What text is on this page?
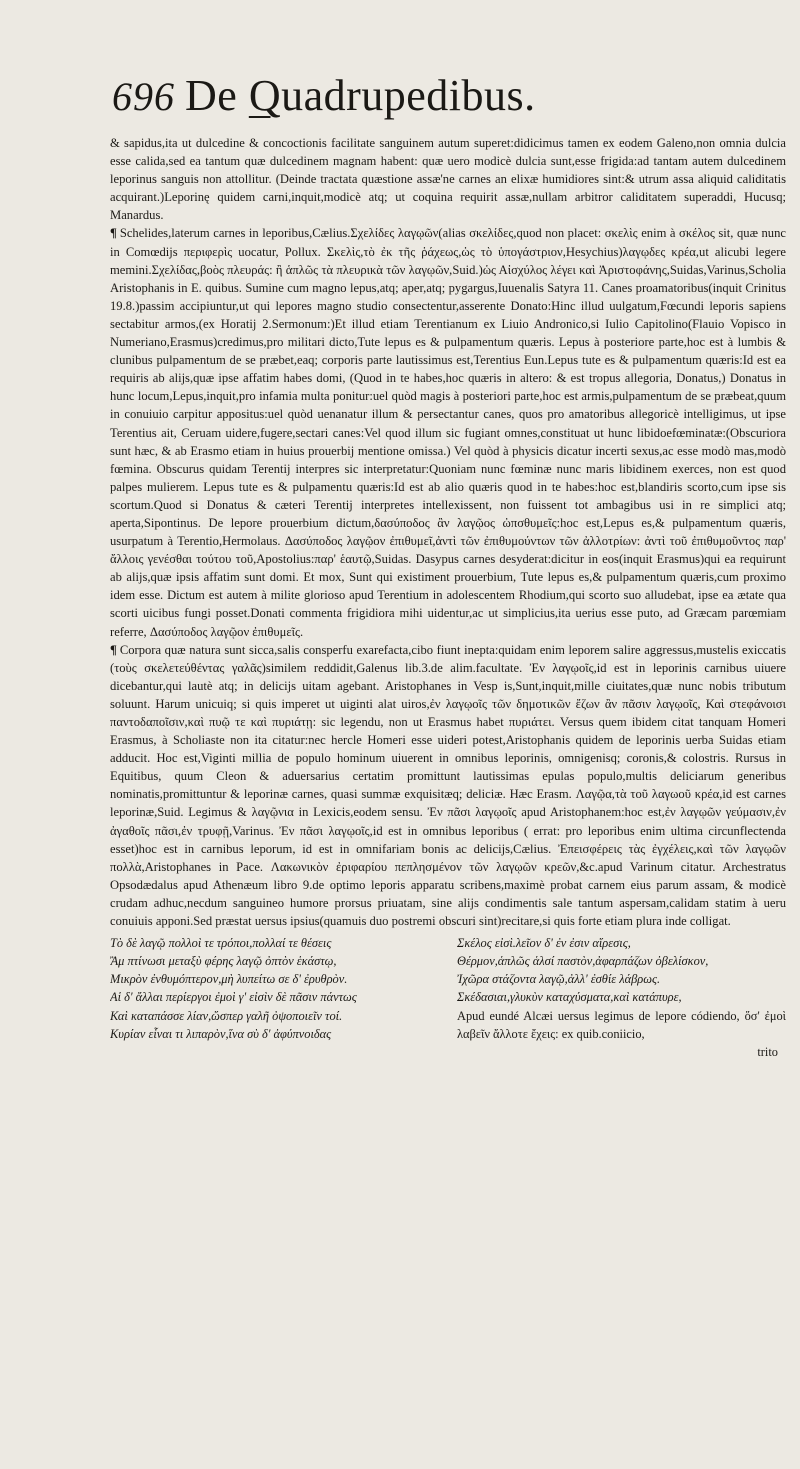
696 De Quadrupedibus.

& sapidus,ita ut dulcedine & concoctionis facilitate sanguinem autum superet:didicimus tamen ex eodem Galeno,non omnia dulcia esse calida,sed ea tantum quæ dulcedinem magnam habent: quæ uero modicè dulcia sunt,esse frigida:ad tantam autem dulcedinem leporinus sanguis non attollitur. (Deinde tractata quæstione assæ'ne carnes an elixæ humidiores sint:& utrum assa aliquid caliditatis acquirant.)Leporinę quidem carni,inquit,modicè atq; ut coquina requirit assæ,nullam arbitror caliditatem superaddi, Hucusq; Manardus.

¶ Schelides,laterum carnes in leporibus,Cælius.Σχελίδες λαγῳῶν(alias σκελίδες,quod non placet: σκελὶς enim à σκέλος sit, quæ nunc in Comœdijs περιφερὶς uocatur, Pollux. Σκελὶς,τὸ ἐκ τῆς ῥάχεως,ὡς τὸ ὑπογάστριον,Hesychius)λαγῳδες κρέα,ut alicubi legere memini.Σχελίδας,βοὸς πλευράς: ἢ ἁπλῶς τὰ πλευρικὰ τῶν λαγῳῶν,Suid.)ὡς Αἰσχύλος λέγει καὶ Ἀριστοφάνης,Suidas,Varinus,Scholia Aristophanis in E. quibus. Sumine cum magno lepus,atq; aper,atq; pygargus,Iuuenalis Satyra 11. Canes proamatoribus(inquit Crinitus 19.8.)passim accipiuntur,ut qui lepores magno studio consectentur,asserente Donato:Hinc illud uulgatum,Fœcundi leporis sapiens sectabitur armos,(ex Horatij 2.Sermonum:)Et illud etiam Terentianum ex Liuio Andronico,si Iulio Capitolino(Flauio Vopisco in Numeriano,Erasmus)credimus,pro militari dicto,Tute lepus es & pulpamentum quæris. Lepus à posteriore parte,hoc est à lumbis & clunibus pulpamentum de se præbet,eaq; corporis parte lautissimus est,Terentius Eun.Lepus tute es & pulpamentum quæris:Id est ea requiris ab alijs,quæ ipse affatim habes domi, (Quod in te habes,hoc quæris in altero: & est tropus allegoria, Donatus,) Donatus in hunc locum,Lepus,inquit,pro infamia multa ponitur:uel quòd magis à posteriori parte,hoc est armis,pulpamentum de se præbeat,quum in conuiuio carpitur appositus:uel quòd uenanatur illum & persectantur canes, quos pro amatoribus allegoricè intelligimus, ut ipse Terentius ait, Ceruam uidere,fugere,sectari canes:Vel quod illum sic fugiant omnes,constituat ut hunc libidoefœminatæ:(Obscuriora sunt hæc, & ab Erasmo etiam in huius prouerbij mentione omissa.) Vel quòd à physicis dicatur incerti sexus,ac esse modò mas,modò fœmina. Obscurus quidam Terentij interpres sic interpretatur:Quoniam nunc fœminæ nunc maris libidinem exerces, non est quod palpes mulierem. Lepus tute es & pulpamentu quæris:Id est ab alio quæris quod in te habes:hoc est,blandiris scorto,cum ipse sis scortum.Quod si Donatus & cæteri Terentij interpretes intellexissent, non fuissent tot ambagibus usi in re simplici atq; aperta,Sipontinus. De lepore prouerbium dictum,δασύποδος ἂν λαγῷος ὠπσθυμεῖς:hoc est,Lepus es,& pulpamentum quæris, usurpatum à Terentio,Hermolaus. Δασύποδος λαγῷον ἐπιθυμεῖ,ἀντὶ τῶν ἐπιθυμούντων τῶν ἀλλοτρίων: ἀντὶ τοῦ ἐπιθυμοῦντος παρ' ἄλλοις γενέσθαι τούτου τοῦ,Apostolius:παρ' ἑαυτῷ,Suidas. Dasypus carnes desyderat:dicitur in eos(inquit Erasmus)qui ea requirunt ab alijs,quæ ipsis affatim sunt domi. Et mox, Sunt qui existiment prouerbium, Tute lepus es,& pulpamentum quæris,cum proximo idem esse. Dictum est autem à milite glorioso apud Terentium in adolescentem Rhodium,qui scorto suo alludebat, ipse ea ætate qua scorti uicibus fungi posset.Donati commenta frigidiora mihi uidentur,ac ut simplicius,ita uerius esse puto, ad Græcam parœmiam referre, Δασύποδος λαγῷον ἐπιθυμεῖς.

¶ Corpora quæ natura sunt sicca,salis consperfu exarefacta,cibo fiunt inepta:quidam enim leporem salire aggressus,mustelis exiccatis (τοὺς σκελετεύθέντας γαλᾶς)similem reddidit,Galenus lib.3.de alim.facultate. Ἐν λαγῳοῖς,id est in leporinis carnibus uiuere dicebantur,qui lautè atq; in delicijs uitam agebant. Aristophanes in Vesp is,Sunt,inquit,mille ciuitates,quæ nunc nobis tributum soluunt. Harum unicuiq; si quis imperet ut uiginti alat uiros,ἐν λαγῳοῖς τῶν δημοτικῶν ἔζων ἂν πᾶσιν λαγῳοῖς, Καὶ στεφάνοισι παντοδαποῖσιν,καὶ πυῷ τε καὶ πυριάτῃ: sic legendu, non ut Erasmus habet πυριάτει. Versus quem ibidem citat tanquam Homeri Erasmus, à Scholiaste non ita citatur:nec hercle Homeri esse uideri potest,Aristophanis quidem de leporinis uerba Suidas etiam adducit. Hoc est,Viginti millia de populo hominum uiuerent in omnibus leporinis, omnigenisq; coronis,& colostris. Rursus in Equitibus, quum Cleon & aduersarius certatim promittunt lautissimas epulas populo,multis deliciarum generibus nominatis,promittuntur & leporinæ carnes, quasi summæ exquisitæq; deliciæ. Hæc Erasm. Λαγῷα,τὰ τοῦ λαγωοῦ κρέα,id est carnes leporinæ,Suid. Legimus & λαγῷνια in Lexicis,eodem sensu. Ἐν πᾶσι λαγῳοῖς apud Aristophanem:hoc est,ἐν λαγῳῶν γεύμασιν,ἐν ἀγαθοῖς πᾶσι,ἐν τρυφῇ,Varinus. Ἐν πᾶσι λαγῳοῖς,id est in omnibus leporibus ( errat: pro leporibus enim ultima circunflectenda esset)hoc est in carnibus leporum, id est in omnifariam bonis ac delicijs,Cælius. Ἐπεισφέρεις τὰς ἐγχέλεις,καὶ τῶν λαγῳῶν πολλὰ,Aristophanes in Pace. Λακωνικὸν ἐριφαρίου πεπλησμένον τῶν λαγῳῶν κρεῶν,&c.apud Varinum citatur. Archestratus Opsodædalus apud Athenæum libro 9.de optimo leporis apparatu scribens,maximè probat carnem eius parum assam, & modicè crudam adhuc,necdum sanguineo humore prorsus priuatam, sine alijs condimentis sale tantum aspersam,calidam statim à ueru conuiuis apponi.Sed præstat uersus ipsius(quamuis duo postremi obscuri sint)recitare,si quis forte etiam plura inde colligat.

Τὸ δὲ λαγῷ πολλοὶ τε τρόποι,πολλαί τε θέσεις
Ἂμ πτίνωσι μεταξὺ φέρης λαγῷ ὀπτὸν ἑκάστῳ,
Μικρὸν ἐνθυμόπτερον,μὴ λυπείτω σε δ' ἐρυθρὸν.
Αἱ δ' ἄλλαι περίεργοι ἐμοὶ γ' εἰσὶν δὲ πᾶσιν πάντως
Καὶ καταπάσσε λίαν,ὥσπερ γαλῆ ὀψοποιεῖν τοί.
Κυρίαν εἶναι τι λιπαρὸν,ἵνα σὺ δ' ἀφύπνοιδας
Σκέλος εἰσὶ.λεῖον δ' ἐν ἐσιν αἵρεσις,
Θέρμον,ἁπλῶς ἁλσί παστὸν,ἀφαρπάζων ὀβελίσκον,
Ἰχῶρα στάζοντα λαγῷ,ἀλλ' ἐσθίε λάβρως.
Σκέδασιαι,γλυκὺν καταχύσματα,καὶ κατάπυρε,
Apud eundé Alcæi uersus legimus de lepore códiendo, ὅσ' ἐμοὶ λαβεῖν ἄλλοτε ἔχεις: ex quib.coniicio,
trito
